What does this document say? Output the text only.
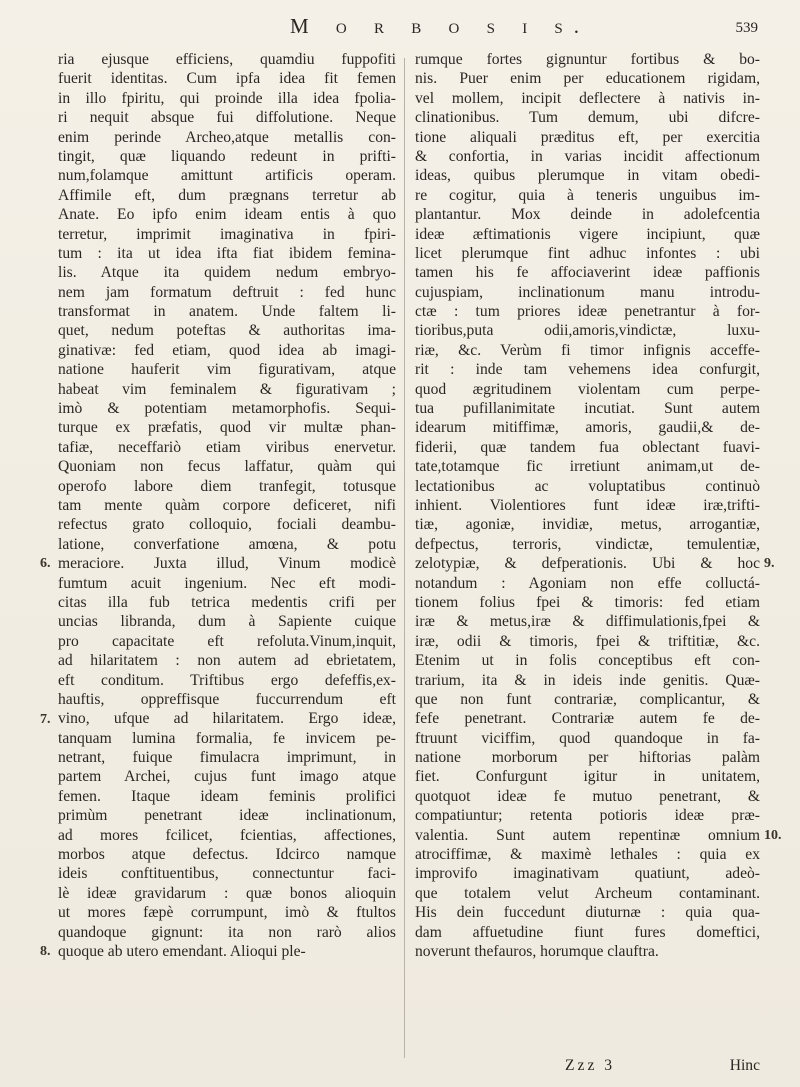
M o r b o s i s.	539
ria ejusque efficiens, quamdiu fuppofiti
fuerit identitas. Cum ipfa idea fit femen
in illo fpiritu, qui proinde illa idea fpolia-
ri nequit absque fui diffolutione. Neque
enim perinde Archeo,atque metallis con-
tingit, quæ liquando redeunt in prifti-
num,folamque amittunt artificis operam.
Affimile eft, dum prægnans terretur ab
Anate. Eo ipfo enim ideam entis à quo
terretur, imprimit imaginativa in fpiri-
tum : ita ut idea ifta fiat ibidem femina-
lis. Atque ita quidem nedum embryo-
nem jam formatum deftruit : fed hunc
transformat in anatem. Unde faltem li-
quet, nedum poteftas & authoritas ima-
ginativæ: fed etiam, quod idea ab imagi-
natione hauferit vim figurativam, atque
habeat vim feminalem & figurativam ;
imò & potentiam metamorphofis. Sequi-
turque ex præfatis, quod vir multæ phan-
tafiæ, neceffariò etiam viribus enervetur.
Quoniam non fecus laffatur, quàm qui
operofo labore diem tranfegit, totusque
tam mente quàm corpore deficeret, nifi
refectus grato colloquio, fociali deambu-
latione, converfatione amœna, & potu
meraciore. Juxta illud, Vinum modicè
fumtum acuit ingenium. Nec eft modi-
citas illa fub tetrica medentis crifi per
uncias libranda, dum à Sapiente cuique
pro capacitate eft refoluta.Vinum,inquit,
ad hilaritatem : non autem ad ebrietatem,
eft conditum. Triftibus ergo defeffis,ex-
hauftis, oppreffisque fuccurrendum eft
vino, ufque ad hilaritatem. Ergo ideæ,
tanquam lumina formalia, fe invicem pe-
netrant, fuique fimulacra imprimunt, in
partem Archei, cujus funt imago atque
femen. Itaque ideam feminis prolifici
primùm penetrant ideæ inclinationum,
ad mores fcilicet, fcientias, affectiones,
morbos atque defectus. Idcirco namque
ideis conftituentibus, connectuntur faci-
lè ideæ gravidarum : quæ bonos alioquin
ut mores fæpè corrumpunt, imò & ftultos
quandoque gignunt: ita non rarò alios
quoque ab utero emendant. Alioqui ple-
rumque fortes gignuntur fortibus & bo-
nis. Puer enim per educationem rigidam,
vel mollem, incipit deflectere à nativis in-
clinationibus. Tum demum, ubi difcre-
tione aliquali præditus eft, per exercitia
& confortia, in varias incidit affectionum
ideas, quibus plerumque in vitam obedi-
re cogitur, quia à teneris unguibus im-
plantantur. Mox deinde in adolefcentia
ideæ æftimationis vigere incipiunt, quæ
licet plerumque fint adhuc infontes : ubi
tamen his fe affociaverint ideæ paffionis
cujuspiam, inclinationum manu introdu-
ctæ : tum priores ideæ penetrantur à for-
tioribus,puta odii,amoris,vindictæ, luxu-
riæ, &c. Verùm fi timor infignis acceffe-
rit : inde tam vehemens idea confurgit,
quod ægritudinem violentam cum perpe-
tua pufillanimitate incutiat. Sunt autem
idearum mitiffimæ, amoris, gaudii,& de-
fiderii, quæ tandem fua oblectant fuavi-
tate,totamque fic irretiunt animam,ut de-
lectationibus ac voluptatibus continuò
inhient. Violentiores funt ideæ iræ,trifti-
tiæ, agoniæ, invidiæ, metus, arrogantiæ,
defpectus, terroris, vindictæ, temulentiæ,
zelotypiæ, & defperationis. Ubi & hoc
notandum : Agoniam non effe colluctá-
tionem folius fpei & timoris: fed etiam
iræ & metus,iræ & diffimulationis,fpei &
iræ, odii & timoris, fpei & triftitiæ, &c.
Etenim ut in folis conceptibus eft con-
trarium, ita & in ideis inde genitis. Quæ-
que non funt contrariæ, complicantur, &
fefe penetrant. Contrariæ autem fe de-
ftruunt viciffim, quod quandoque in fa-
natione morborum per hiftorias palàm
fiet. Confurgunt igitur in unitatem,
quotquot ideæ fe mutuo penetrant, &
compatiuntur; retenta potioris ideæ præ-
valentia. Sunt autem repentinæ omnium
atrociffimæ, & maximè lethales : quia ex
improvifo imaginativam quatiunt, adeò-
que totalem velut Archeum contaminant.
His dein fuccedunt diuturnæ : quia qua-
dam affuetudine fiunt fures domeftici,
noverunt thefauros, horumque clauftra.
6.
7.
8.
9.
10.
Zzz 3	Hinc
